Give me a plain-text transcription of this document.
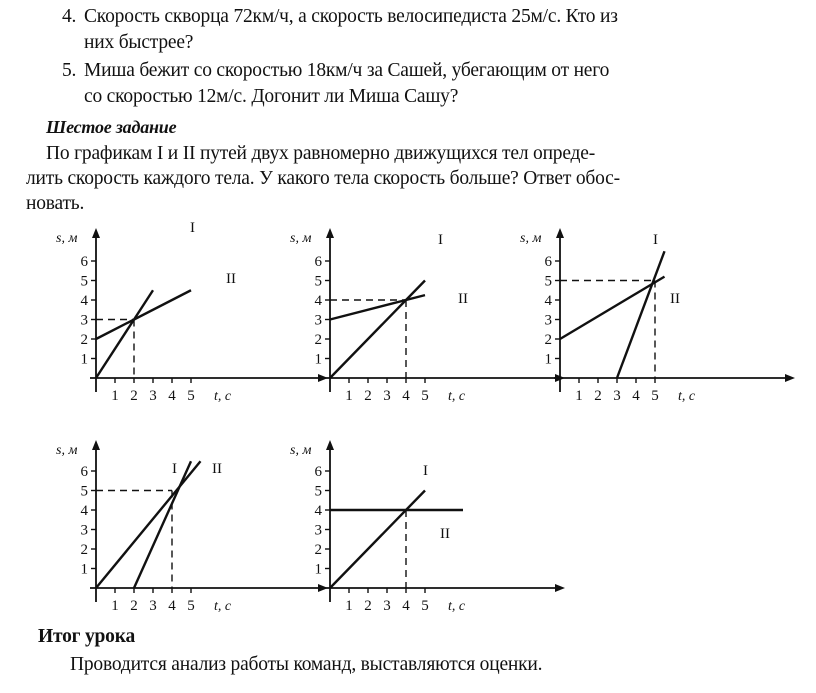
4. Скорость скворца 72км/ч, а скорость велосипедиста 25м/с. Кто из
них быстрее?
5. Миша бежит со скоростью 18км/ч за Сашей, убегающим от него
со скоростью 12м/с. Догонит ли Миша Сашу?
Шестое задание
По графикам I и II путей двух равномерно движущихся тел опреде-
лить скорость каждого тела. У какого тела скорость больше? Ответ обос-
новать.
1
2
3
4
5
6
1 2 3 4 5
s, м
t, с
I
II
1
2
3
4
5
6
1 2 3 4 5
s, м
t, с
I
II
1
2
3
4
5
6
1 2 3 4 5
s, м
t, с
I
II
1
2
3
4
5
6
1 2 3 4 5
s, м
t, с
I II
1
2
3
4
5
6
1 2 3 4 5
s, м
t, с
I
II
Итог урока
Проводится анализ работы команд, выставляются оценки.
